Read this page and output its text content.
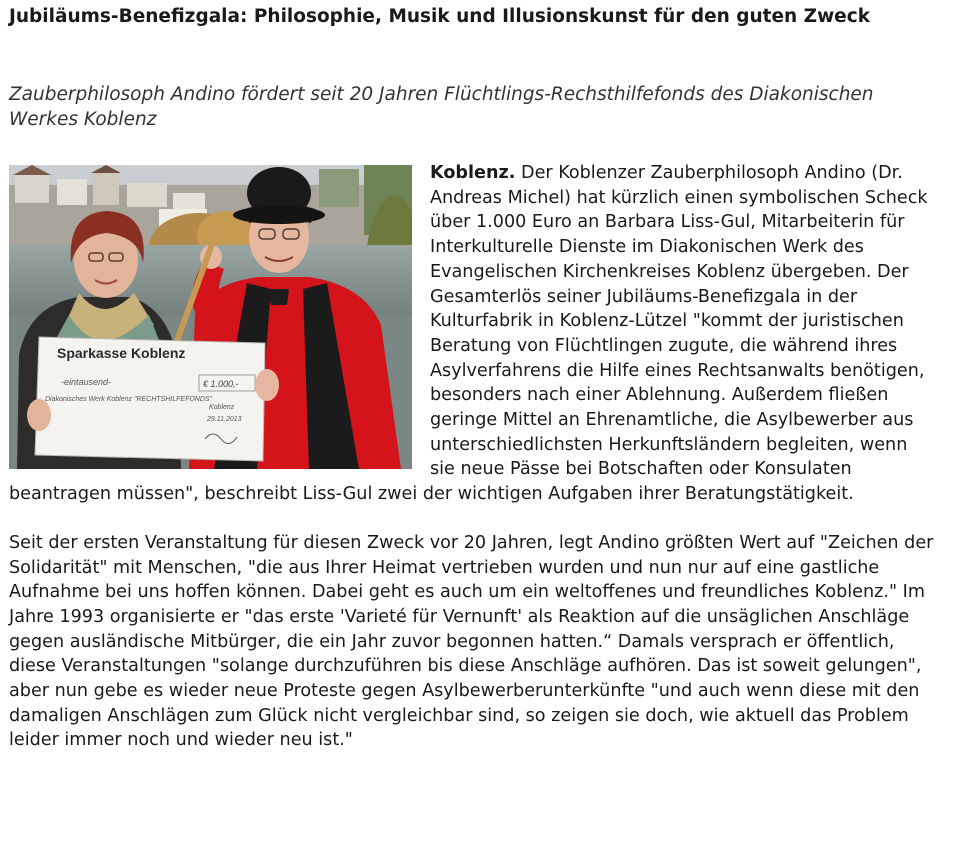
Jubiläums-Benefizgala: Philosophie, Musik und Illusionskunst für den guten Zweck

Zauberphilosoph Andino fördert seit 20 Jahren Flüchtlings-Rechsthilfefonds des Diakonischen Werkes Koblenz

Sparkasse Koblenz
-eintausend-
Diakonisches Werk Koblenz "RECHTSHILFEFONDS"
€ 1.000,-
Koblenz
29.11.2013

Koblenz. Der Koblenzer Zauberphilosoph Andino (Dr. Andreas Michel) hat kürzlich einen symbolischen Scheck über 1.000 Euro an Barbara Liss-Gul, Mitarbeiterin für Interkulturelle Dienste im Diakonischen Werk des Evangelischen Kirchenkreises Koblenz übergeben. Der Gesamterlös seiner Jubiläums-Benefizgala in der Kulturfabrik in Koblenz-Lützel "kommt der juristischen Beratung von Flüchtlingen zugute, die während ihres Asylverfahrens die Hilfe eines Rechtsanwalts benötigen, besonders nach einer Ablehnung. Außerdem fließen geringe Mittel an Ehrenamtliche, die Asylbewerber aus unterschiedlichsten Herkunftsländern begleiten, wenn sie neue Pässe bei Botschaften oder Konsulaten beantragen müssen", beschreibt Liss-Gul zwei der wichtigen Aufgaben ihrer Beratungstätigkeit.

Seit der ersten Veranstaltung für diesen Zweck vor 20 Jahren, legt Andino größten Wert auf "Zeichen der Solidarität" mit Menschen, "die aus Ihrer Heimat vertrieben wurden und nun nur auf eine gastliche Aufnahme bei uns hoffen können. Dabei geht es auch um ein weltoffenes und freundliches Koblenz." Im Jahre 1993 organisierte er "das erste 'Varieté für Vernunft' als Reaktion auf die unsäglichen Anschläge gegen ausländische Mitbürger, die ein Jahr zuvor begonnen hatten.“ Damals versprach er öffentlich, diese Veranstaltungen "solange durchzuführen bis diese Anschläge aufhören. Das ist soweit gelungen", aber nun gebe es wieder neue Proteste gegen Asylbewerberunterkünfte "und auch wenn diese mit den damaligen Anschlägen zum Glück nicht vergleichbar sind, so zeigen sie doch, wie aktuell das Problem leider immer noch und wieder neu ist."
